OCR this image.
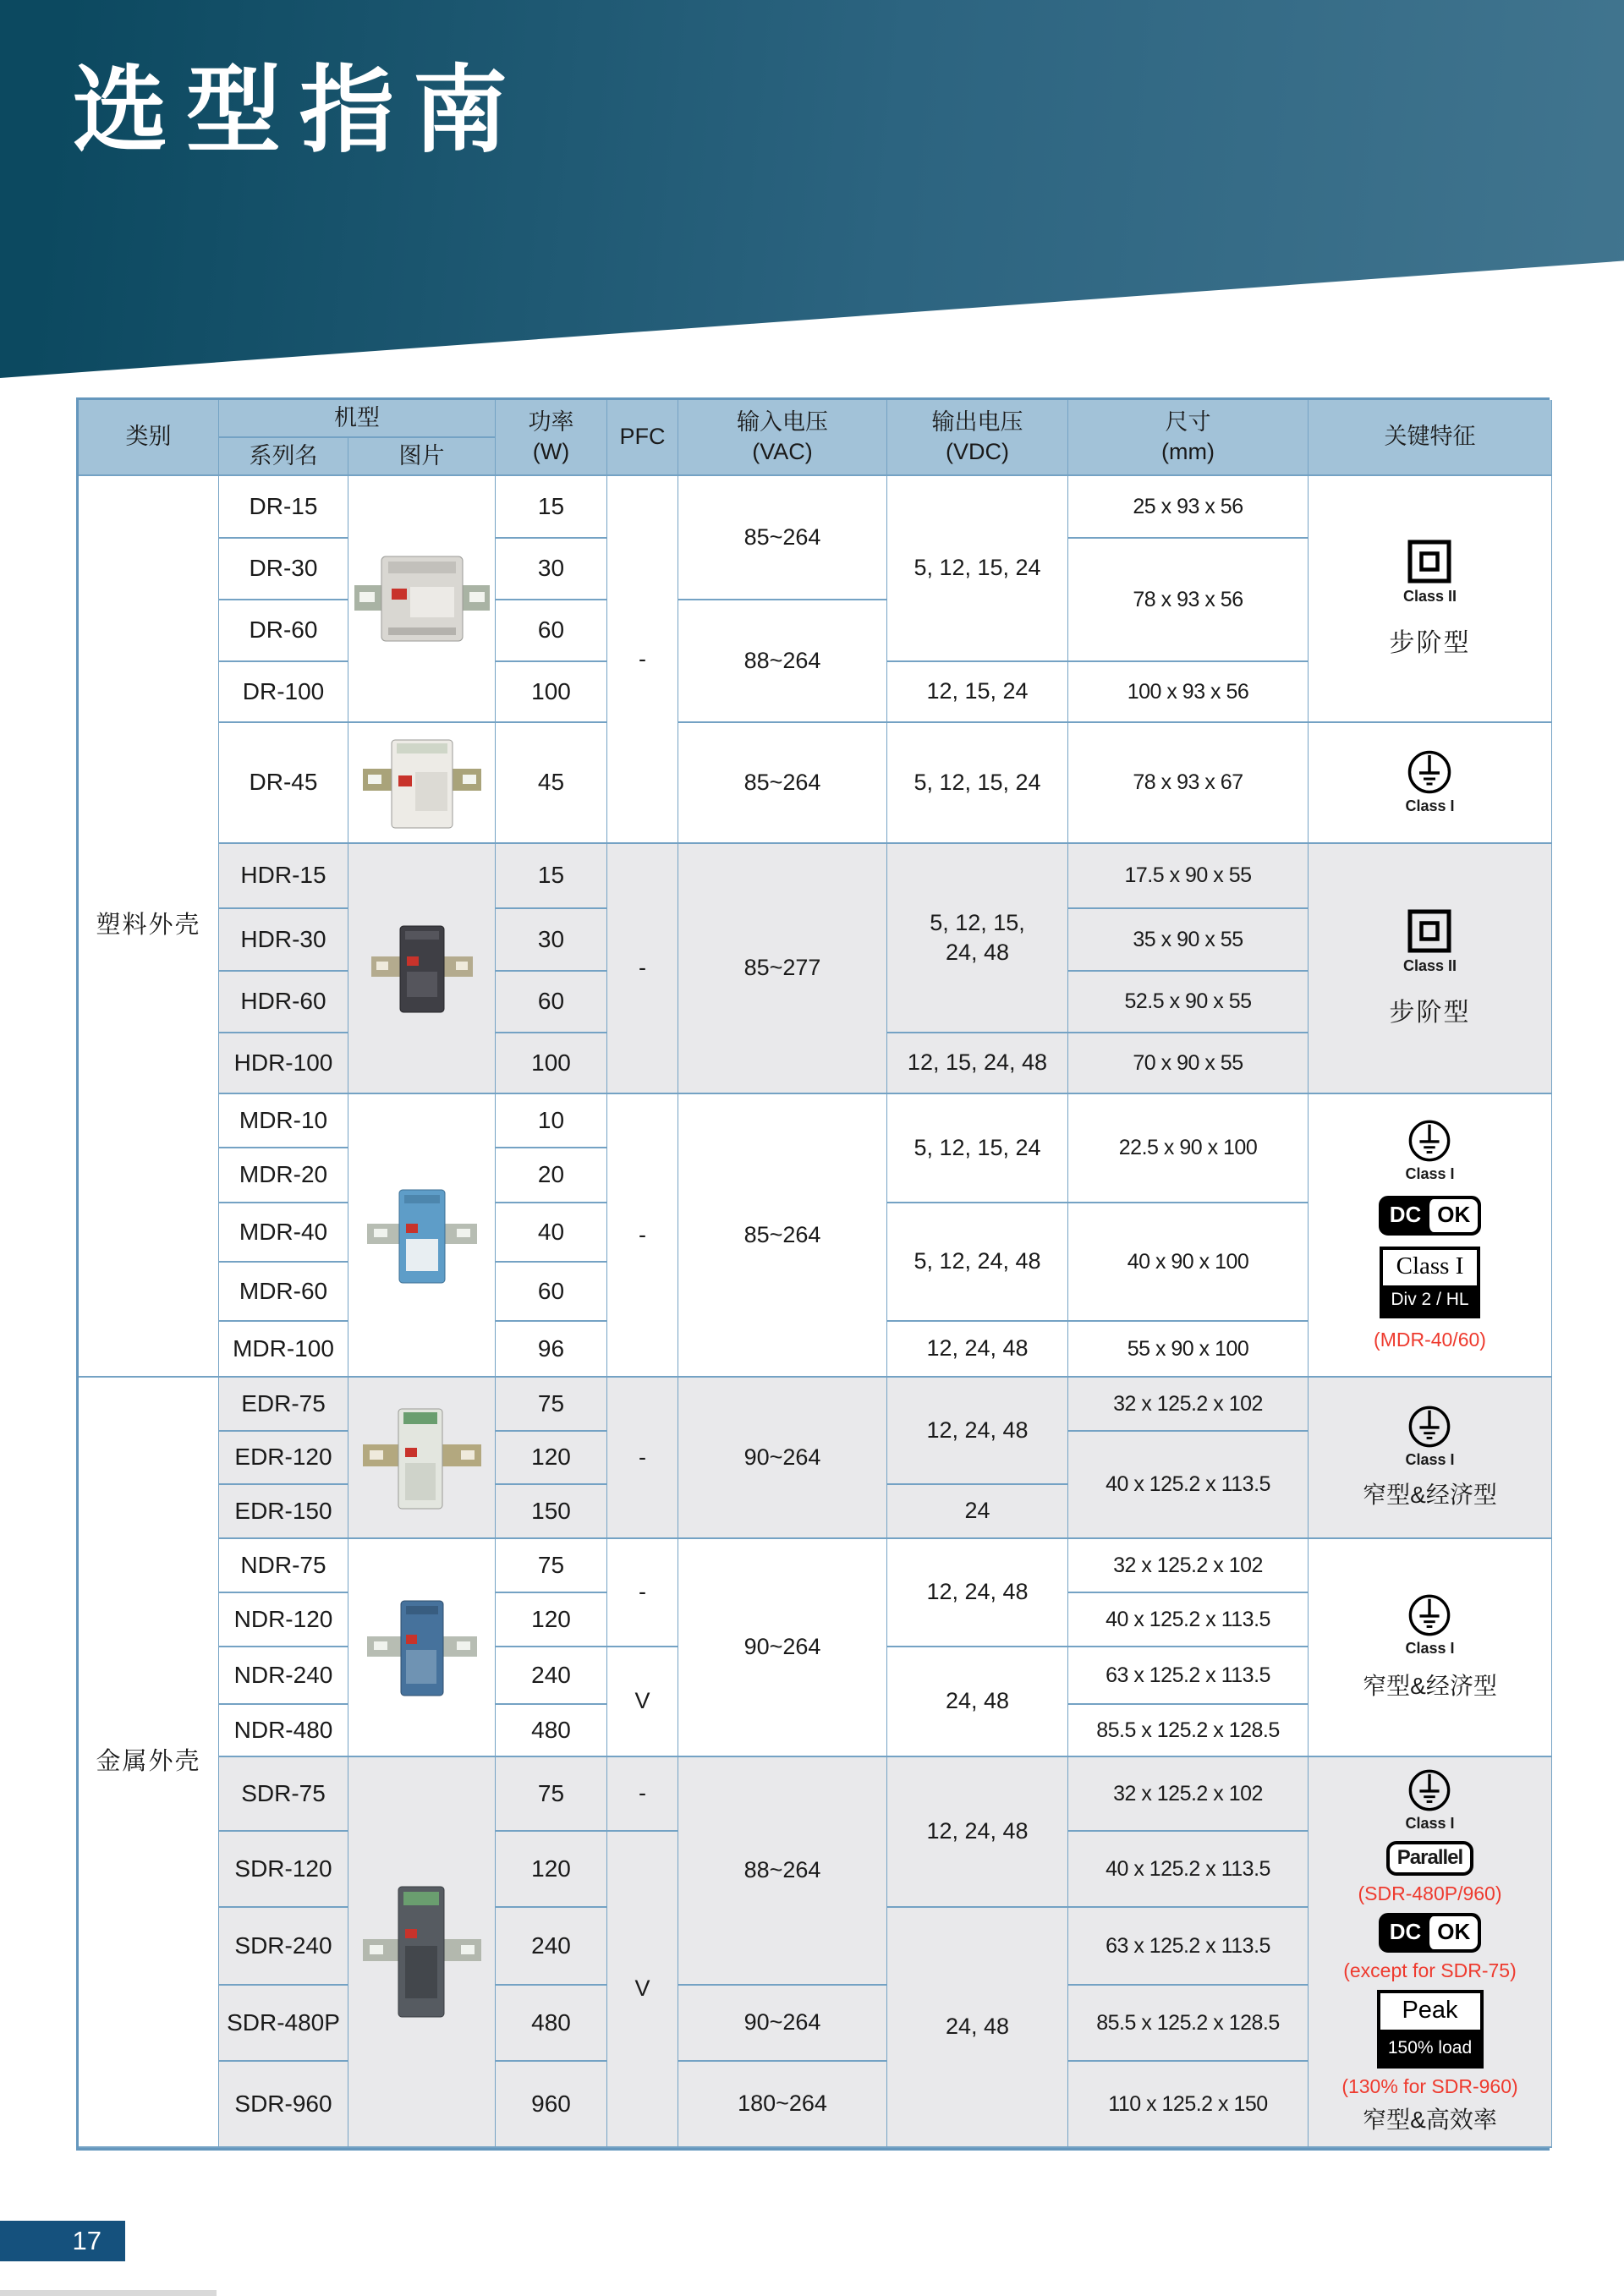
选型指南
类别
机型
系列名	图片
功率
(W)
PFC
输入电压
(VAC)
输出电压
(VDC)
尺寸
(mm)
关键特征
塑料外壳
金属外壳
DR-15
DR-30
DR-60
DR-100
DR-45
HDR-15
HDR-30
HDR-60
HDR-100
MDR-10
MDR-20
MDR-40
MDR-60
MDR-100
EDR-75
EDR-120
EDR-150
NDR-75
NDR-120
NDR-240
NDR-480
SDR-75
SDR-120
SDR-240
SDR-480P
SDR-960
15
30
60
100
45
15
30
60
100
10
20
40
60
96
75
120
150
75
120
240
480
75
120
240
480
960
-
-
-
-
-
V
-
V
85~264
88~264
85~264
85~277
85~264
90~264
90~264
88~264
90~264
180~264
5, 12, 15, 24
12, 15, 24
5, 12, 15, 24
5, 12, 15, 24, 48
12, 15, 24, 48
5, 12, 15, 24
5, 12, 24, 48
12, 24, 48
12, 24, 48
24
12, 24, 48
24, 48
12, 24, 48
24, 48
25 x 93 x 56
78 x 93 x 56
100 x 93 x 56
78 x 93 x 67
17.5 x 90 x 55
35 x 90 x 55
52.5 x 90 x 55
70 x 90 x 55
22.5 x 90 x 100
40 x 90 x 100
55 x 90 x 100
32 x 125.2 x 102
40 x 125.2 x 113.5
32 x 125.2 x 102
40 x 125.2 x 113.5
63 x 125.2 x 113.5
85.5 x 125.2 x 128.5
32 x 125.2 x 102
40 x 125.2 x 113.5
63 x 125.2 x 113.5
85.5 x 125.2 x 128.5
110 x 125.2 x 150
Class II
步阶型
Class I
Class II
步阶型
Class I
DC OK
Class I
Div 2 / HL
(MDR-40/60)
Class I
窄型&经济型
Class I
窄型&经济型
Class I
Parallel
(SDR-480P/960)
DC OK
(except for SDR-75)
Peak
150% load
(130% for SDR-960)
窄型&高效率
17
